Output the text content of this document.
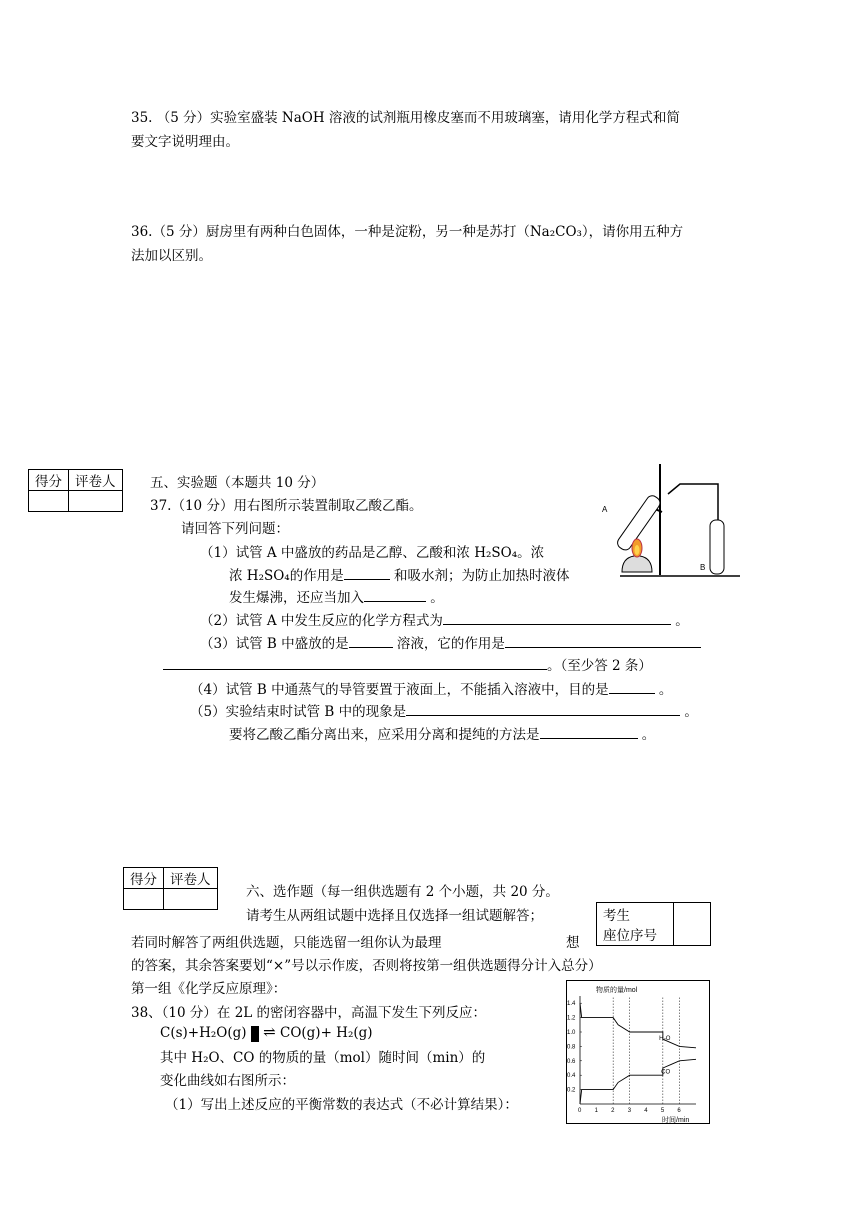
35. （5 分）实验室盛装 NaOH 溶液的试剂瓶用橡皮塞而不用玻璃塞，请用化学方程式和简
要文字说明理由。
36.（5 分）厨房里有两种白色固体，一种是淀粉，另一种是苏打（Na₂CO₃），请你用五种方
法加以区别。
得分	评卷人
		五、实验题（本题共 10 分）
37.（10 分）用右图所示装置制取乙酸乙酯。
请回答下列问题：
（1）试管 A 中盛放的药品是乙醇、乙酸和浓 H₂SO₄。浓
浓 H₂SO₄的作用是	和吸水剂；为防止加热时液体
发生爆沸，还应当加入	。
（2）试管 A 中发生反应的化学方程式为	。
（3）试管 B 中盛放的是	溶液，它的作用是
。（至少答 2 条）
（4）试管 B 中通蒸气的导管要置于液面上，不能插入溶液中，目的是	。
（5）实验结束时试管 B 中的现象是	。
要将乙酸乙酯分离出来，应采用分离和提纯的方法是	。
A
B
得分	评卷人

六、选作题（每一组供选题有 2 个小题，共 20 分。
请考生从两组试题中选择且仅选择一组试题解答；	考生
座位序号

若同时解答了两组供选题，只能选留一组你认为最理	想
的答案，其余答案要划“×”号以示作废，否则将按第一组供选题得分计入总分）
第一组《化学反应原理》：
38、（10 分）在 2L 的密闭容器中，高温下发生下列反应：
C(s)+H₂O(g) ⇌ CO(g)+ H₂(g)
其中 H₂O、CO 的物质的量（mol）随时间（min）的
变化曲线如右图所示：
（1）写出上述反应的平衡常数的表达式（不必计算结果）：
物质的量/mol
时间/min
0 1 2 3 4 5 6
0.2
0.4
0.6
0.8
1.0
1.2
1.4
H₂O
CO
